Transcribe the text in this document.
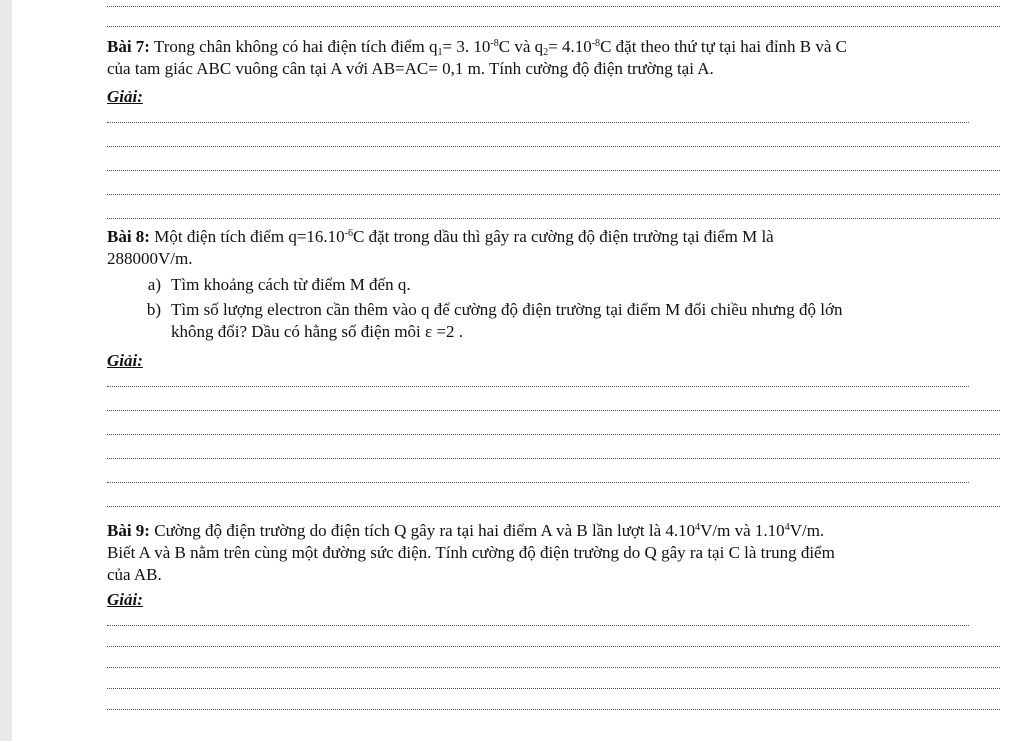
Bài 7: Trong chân không có hai điện tích điểm $q_1= 3$. $10^{-8}C$ và $q_2= 4.10^{-8}C$ đặt theo thứ tự tại hai đỉnh B và C

của tam giác ABC vuông cân tại A với AB=AC= 0,1 m. Tính cường độ điện trường tại A.

Giải:

Bài 8: Một điện tích điểm $q=16.10^{-6}C$ đặt trong dầu thì gây ra cường độ điện trường tại điểm M là

288000V/m.

a) Tìm khoảng cách từ điểm M đến q.
b) Tìm số lượng electron cần thêm vào q để cường độ điện trường tại điểm M đổi chiều nhưng độ lớn
không đổi? Dầu có hằng số điện môi ε =2 .

Giải:

Bài 9: Cường độ điện trường do điện tích Q gây ra tại hai điểm A và B lần lượt là 4.10$^4$V/m và 1.10$^4$V/m.

Biết A và B nằm trên cùng một đường sức điện. Tính cường độ điện trường do Q gây ra tại C là trung điểm

của AB.

Giải:
